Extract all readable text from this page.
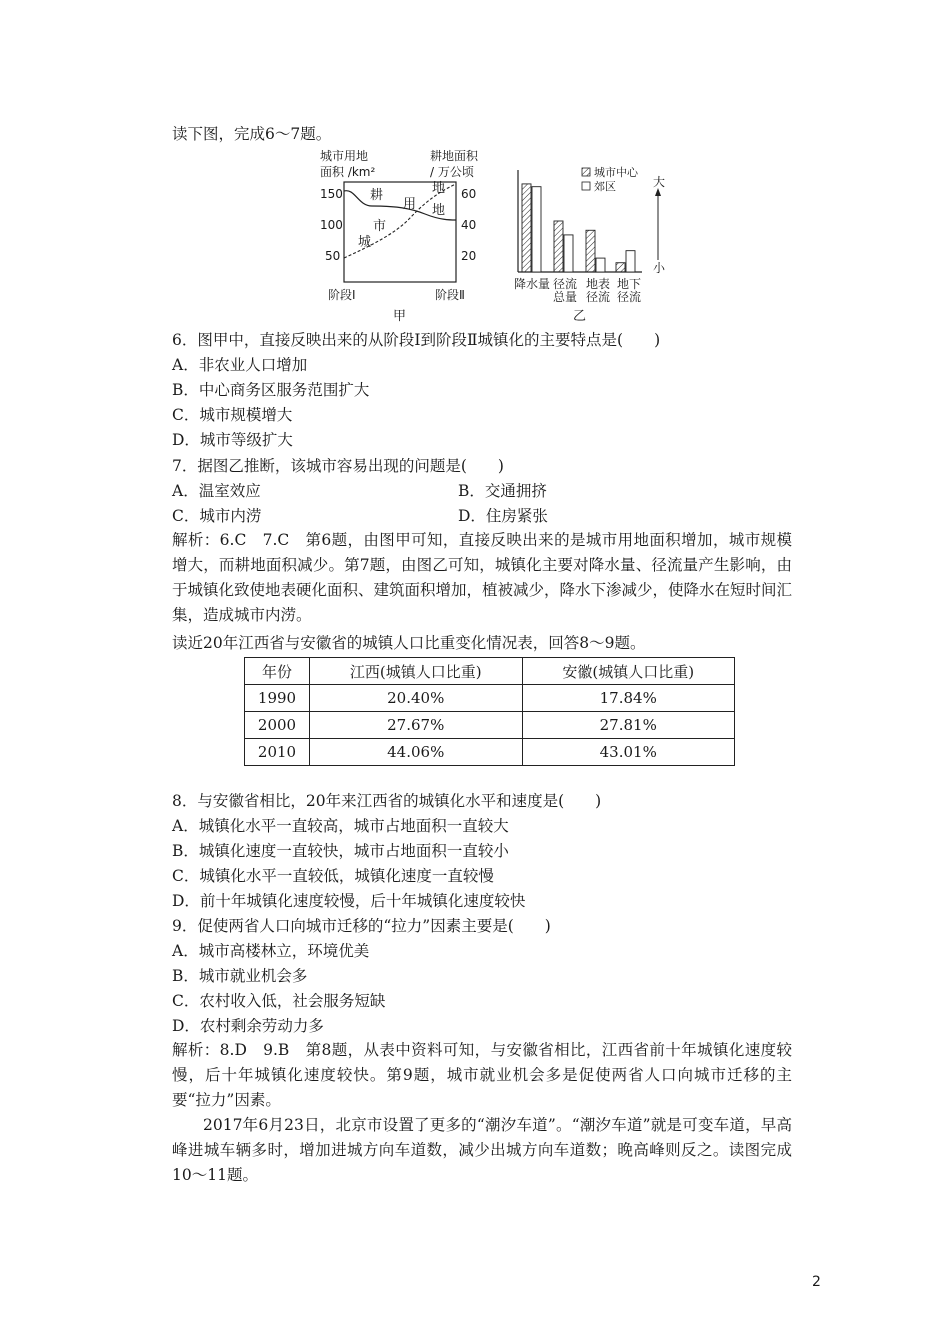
读下图，完成6～7题。
城市用地
面积 /km²
耕地面积
/ 万公顷
150
100
50
60
40
20
耕	地
用 地
城
市
阶段Ⅰ	阶段Ⅱ
甲
城市中心
郊区	大
小
降水量 径流
总量
地表
径流
地下
径流
乙
6．图甲中，直接反映出来的从阶段Ⅰ到阶段Ⅱ城镇化的主要特点是(　　)
A．非农业人口增加
B．中心商务区服务范围扩大
C．城市规模增大
D．城市等级扩大
7．据图乙推断，该城市容易出现的问题是(　　)
A．温室效应	B．交通拥挤
C．城市内涝	D．住房紧张
解析：6.C　7.C　第6题，由图甲可知，直接反映出来的是城市用地面积增加，城市规模增大，而耕地面积减少。第7题，由图乙可知，城镇化主要对降水量、径流量产生影响，由于城镇化致使地表硬化面积、建筑面积增加，植被减少，降水下渗减少，使降水在短时间汇集，造成城市内涝。
读近20年江西省与安徽省的城镇人口比重变化情况表，回答8～9题。
年份	江西(城镇人口比重)	安徽(城镇人口比重)
1990	20.40%	17.84%
2000	27.67%	27.81%
2010	44.06%	43.01%
8．与安徽省相比，20年来江西省的城镇化水平和速度是(　　)
A．城镇化水平一直较高，城市占地面积一直较大
B．城镇化速度一直较快，城市占地面积一直较小
C．城镇化水平一直较低，城镇化速度一直较慢
D．前十年城镇化速度较慢，后十年城镇化速度较快
9．促使两省人口向城市迁移的“拉力”因素主要是(　　)
A．城市高楼林立，环境优美
B．城市就业机会多
C．农村收入低，社会服务短缺
D．农村剩余劳动力多
解析：8.D　9.B　第8题，从表中资料可知，与安徽省相比，江西省前十年城镇化速度较慢，后十年城镇化速度较快。第9题，城市就业机会多是促使两省人口向城市迁移的主要“拉力”因素。
2017年6月23日，北京市设置了更多的“潮汐车道”。“潮汐车道”就是可变车道，早高峰进城车辆多时，增加进城方向车道数，减少出城方向车道数；晚高峰则反之。读图完成10～11题。
2
